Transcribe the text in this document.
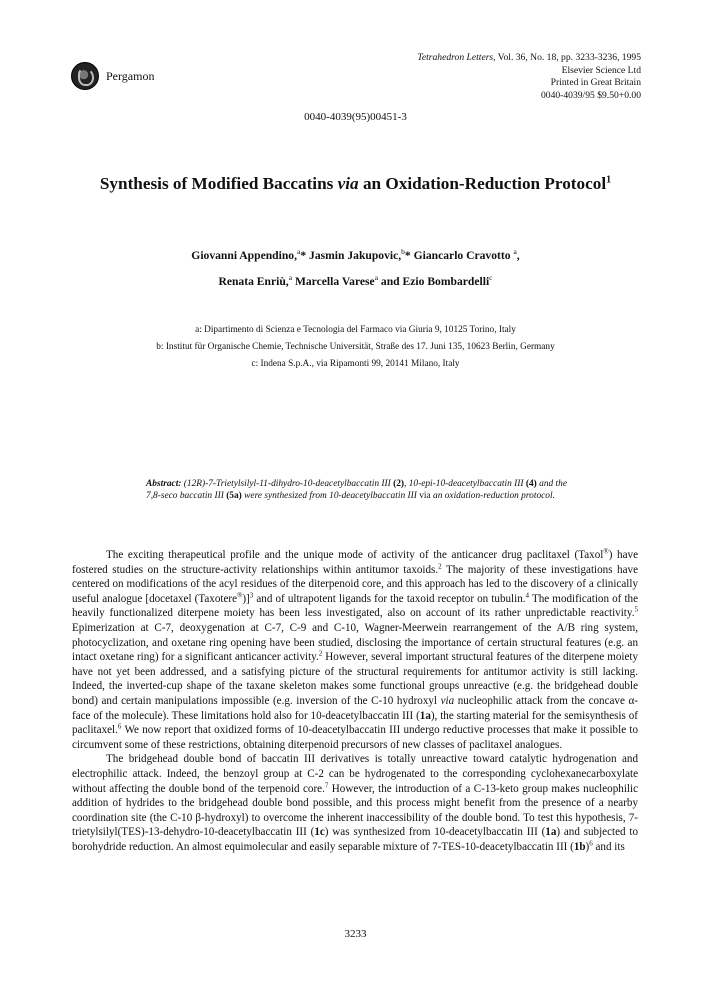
Pergamon
Tetrahedron Letters, Vol. 36, No. 18, pp. 3233-3236, 1995
Elsevier Science Ltd
Printed in Great Britain
0040-4039/95 $9.50+0.00
0040-4039(95)00451-3
Synthesis of Modified Baccatins via an Oxidation-Reduction Protocol$^1$
Giovanni Appendino,$^a$* Jasmin Jakupovic,$^b$* Giancarlo Cravotto $^a$,
Renata Enriù,$^a$ Marcella Varese$^a$ and Ezio Bombardelli$^c$
a: Dipartimento di Scienza e Tecnologia del Farmaco via Giuria 9, 10125 Torino, Italy
b: Institut für Organische Chemie, Technische Universität, Straße des 17. Juni 135, 10623 Berlin, Germany
c: Indena S.p.A., via Ripamonti 99, 20141 Milano, Italy
Abstract: (12R)-7-Trietylsilyl-11-dihydro-10-deacetylbaccatin III (2), 10-epi-10-deacetylbaccatin III (4) and the 7,8-seco baccatin III (5a) were synthesized from 10-deacetylbaccatin III via an oxidation-reduction protocol.

The exciting therapeutical profile and the unique mode of activity of the anticancer drug paclitaxel (Taxol®) have fostered studies on the structure-activity relationships within antitumor taxoids.$^2$ The majority of these investigations have centered on modifications of the acyl residues of the diterpenoid core, and this approach has led to the discovery of a clinically useful analogue [docetaxel (Taxotere®)]$^3$ and of ultrapotent ligands for the taxoid receptor on tubulin.$^4$ The modification of the heavily functionalized diterpene moiety has been less investigated, also on account of its rather unpredictable reactivity.$^5$ Epimerization at C-7, deoxygenation at C-7, C-9 and C-10, Wagner-Meerwein rearrangement of the A/B ring system, photocyclization, and oxetane ring opening have been studied, disclosing the importance of certain structural features (e.g. an intact oxetane ring) for a significant anticancer activity.$^2$ However, several important structural features of the diterpene moiety have not yet been addressed, and a satisfying picture of the structural requirements for antitumor activity is still lacking. Indeed, the inverted-cup shape of the taxane skeleton makes some functional groups unreactive (e.g. the bridgehead double bond) and certain manipulations impossible (e.g. inversion of the C-10 hydroxyl via nucleophilic attack from the concave α-face of the molecule). These limitations hold also for 10-deacetylbaccatin III (1a), the starting material for the semisynthesis of paclitaxel.$^6$ We now report that oxidized forms of 10-deacetylbaccatin III undergo reductive processes that make it possible to circumvent some of these restrictions, obtaining diterpenoid precursors of new classes of paclitaxel analogues.

The bridgehead double bond of baccatin III derivatives is totally unreactive toward catalytic hydrogenation and electrophilic attack. Indeed, the benzoyl group at C-2 can be hydrogenated to the corresponding cyclohexanecarboxylate without affecting the double bond of the terpenoid core.$^7$ However, the introduction of a C-13-keto group makes nucleophilic addition of hydrides to the bridgehead double bond possible, and this process might benefit from the presence of a nearby coordination site (the C-10 β-hydroxyl) to overcome the inherent inaccessibility of the double bond. To test this hypothesis, 7-trietylsilyl(TES)-13-dehydro-10-deacetylbaccatin III (1c) was synthesized from 10-deacetylbaccatin III (1a) and subjected to borohydride reduction. An almost equimolecular and easily separable mixture of 7-TES-10-deacetylbaccatin III $(1b)^6$ and its

3233
